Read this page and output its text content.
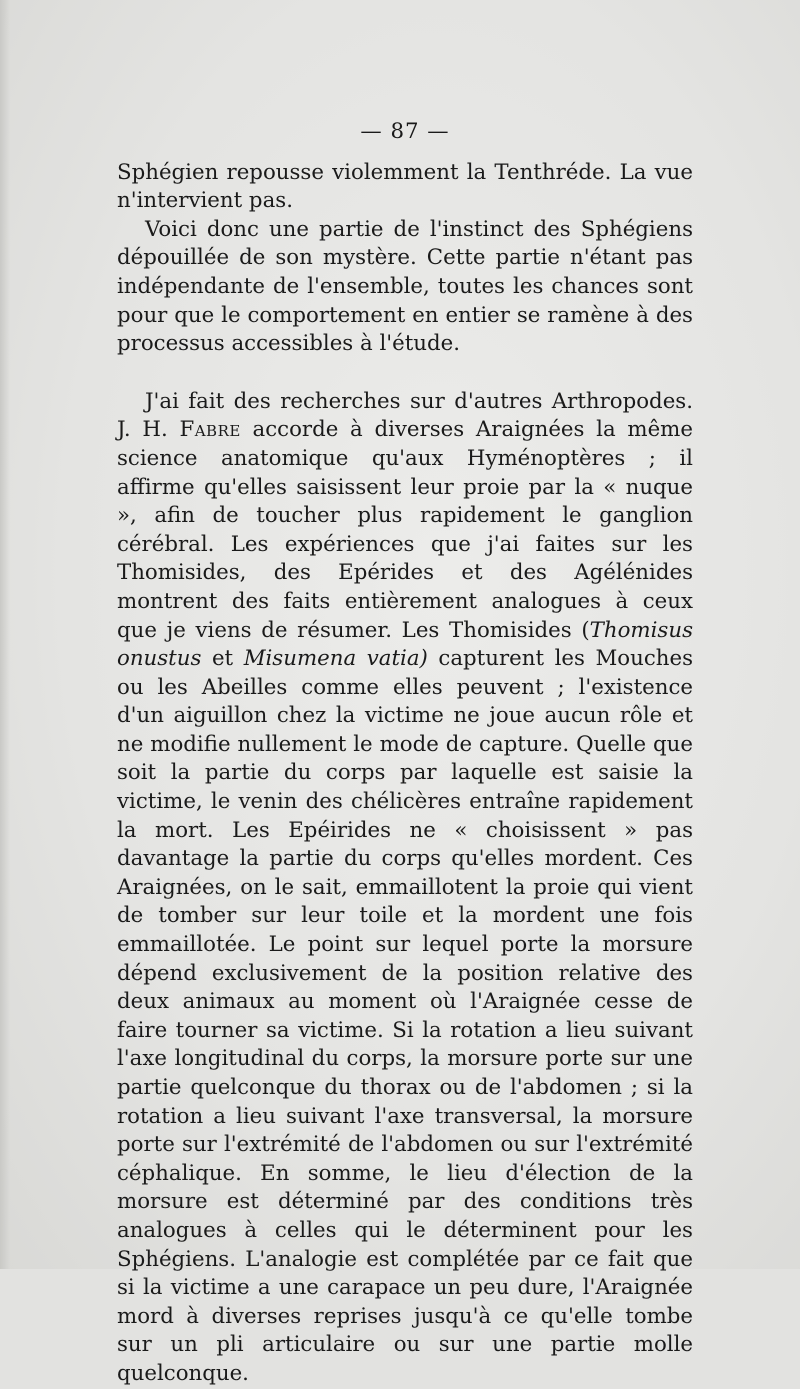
— 87 —

Sphégien repousse violemment la Tenthréde. La vue n'intervient pas.

Voici donc une partie de l'instinct des Sphégiens dépouillée de son mystère. Cette partie n'étant pas indépendante de l'ensemble, toutes les chances sont pour que le comportement en entier se ramène à des processus accessibles à l'étude.

J'ai fait des recherches sur d'autres Arthropodes. J. H. Fabre accorde à diverses Araignées la même science anatomique qu'aux Hyménoptères ; il affirme qu'elles saisissent leur proie par la « nuque », afin de toucher plus rapidement le ganglion cérébral. Les expériences que j'ai faites sur les Thomisides, des Epérides et des Agélénides montrent des faits entièrement analogues à ceux que je viens de résumer. Les Thomisides (Thomisus onustus et Misumena vatia) capturent les Mouches ou les Abeilles comme elles peuvent ; l'existence d'un aiguillon chez la victime ne joue aucun rôle et ne modifie nullement le mode de capture. Quelle que soit la partie du corps par laquelle est saisie la victime, le venin des chélicères entraîne rapidement la mort. Les Epéirides ne « choisissent » pas davantage la partie du corps qu'elles mordent. Ces Araignées, on le sait, emmaillotent la proie qui vient de tomber sur leur toile et la mordent une fois emmaillotée. Le point sur lequel porte la morsure dépend exclusivement de la position relative des deux animaux au moment où l'Araignée cesse de faire tourner sa victime. Si la rotation a lieu suivant l'axe longitudinal du corps, la morsure porte sur une partie quelconque du thorax ou de l'abdomen ; si la rotation a lieu suivant l'axe transversal, la morsure porte sur l'extrémité de l'abdomen ou sur l'extrémité céphalique. En somme, le lieu d'élection de la morsure est déterminé par des conditions très analogues à celles qui le déterminent pour les Sphégiens. L'analogie est complétée par ce fait que si la victime a une carapace un peu dure, l'Araignée mord à diverses reprises jusqu'à ce qu'elle tombe sur un pli articulaire ou sur une partie molle quelconque.
